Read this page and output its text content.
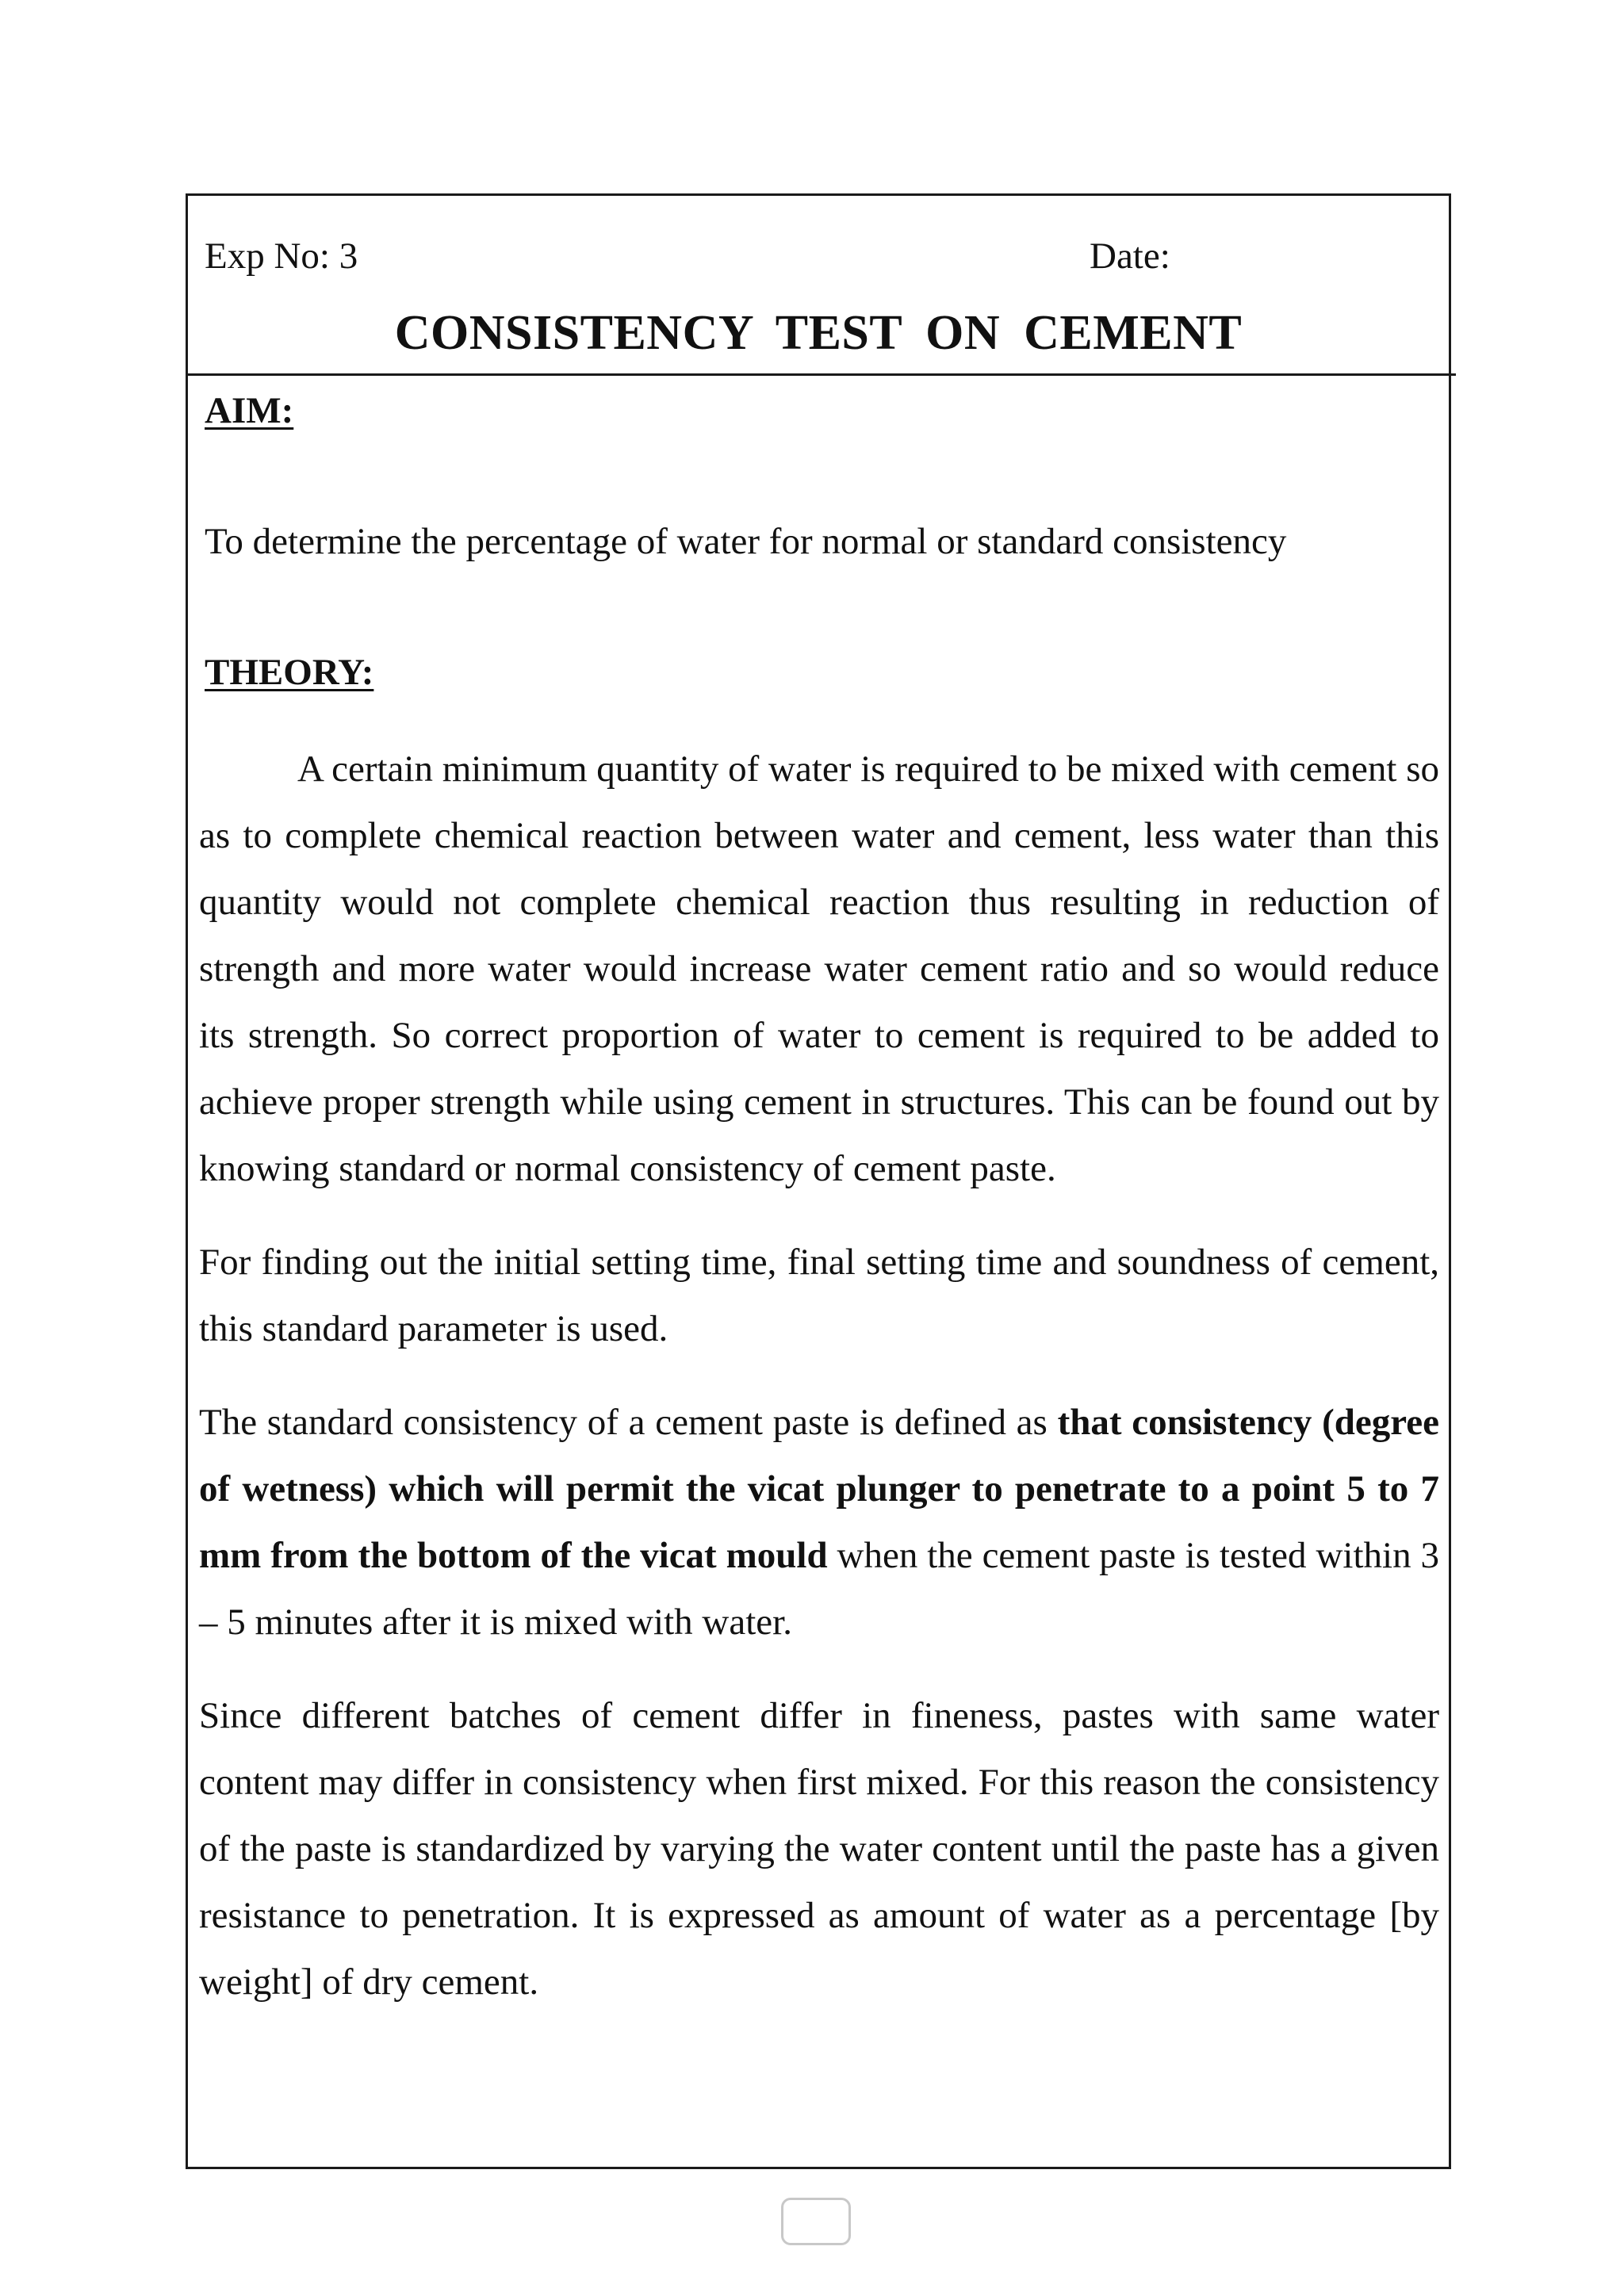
Exp No: 3	Date:
CONSISTENCY TEST ON CEMENT
AIM:
To determine the percentage of water for normal or standard consistency
THEORY:

A certain minimum quantity of water is required to be mixed with cement so as to complete chemical reaction between water and cement, less water than this quantity would not complete chemical reaction thus resulting in reduction of strength and more water would increase water cement ratio and so would reduce its strength. So correct proportion of water to cement is required to be added to achieve proper strength while using cement in structures. This can be found out by knowing standard or normal consistency of cement paste.

For finding out the initial setting time, final setting time and soundness of cement, this standard parameter is used.

The standard consistency of a cement paste is defined as that consistency (degree of wetness) which will permit the vicat plunger to penetrate to a point 5 to 7 mm from the bottom of the vicat mould when the cement paste is tested within 3 – 5 minutes after it is mixed with water.

Since different batches of cement differ in fineness, pastes with same water content may differ in consistency when first mixed. For this reason the consistency of the paste is standardized by varying the water content until the paste has a given resistance to penetration. It is expressed as amount of water as a percentage [by weight] of dry cement.
